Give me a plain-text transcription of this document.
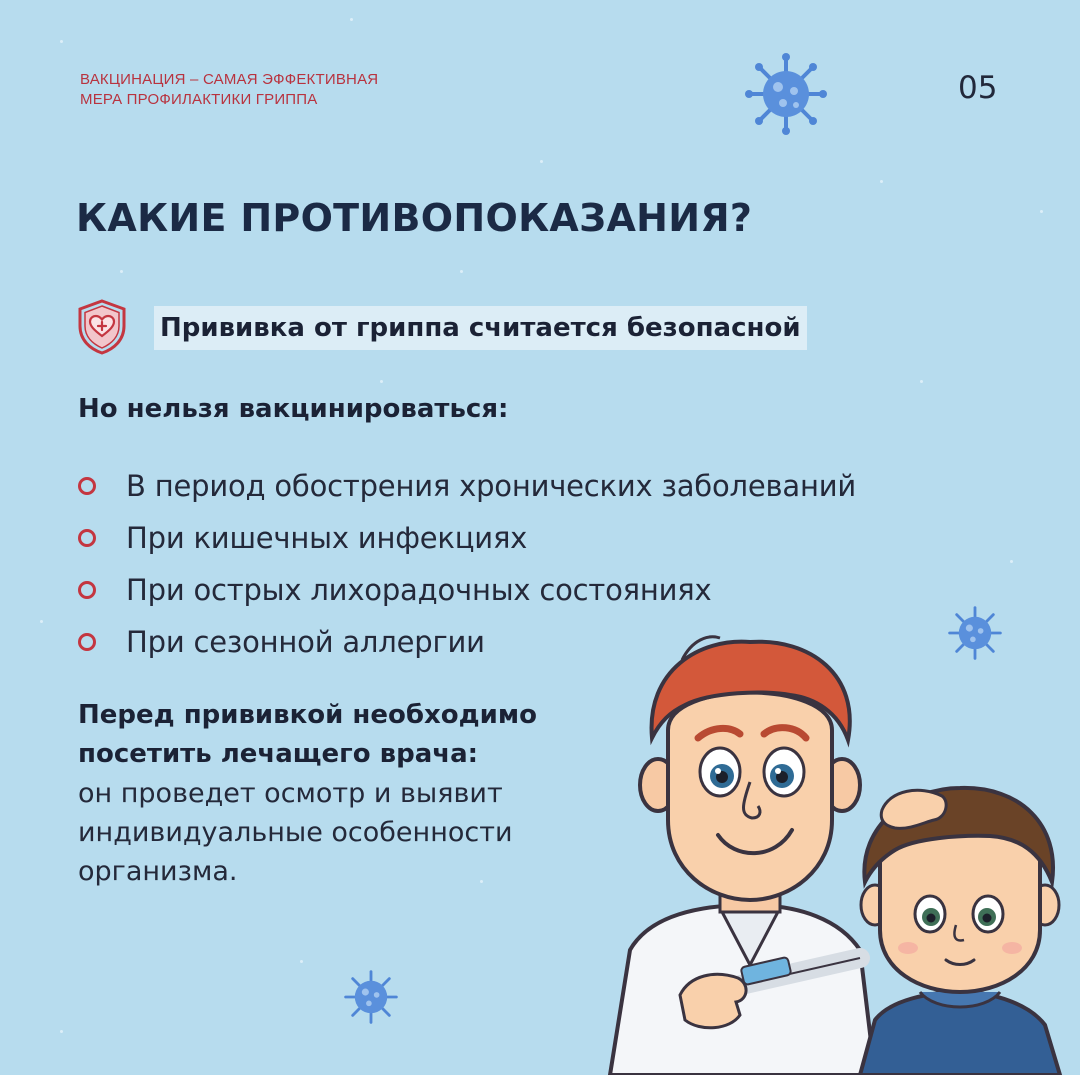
ВАКЦИНАЦИЯ – САМАЯ ЭФФЕКТИВНАЯ
МЕРА ПРОФИЛАКТИКИ ГРИППА	05
КАКИЕ ПРОТИВОПОКАЗАНИЯ?
Прививка от гриппа считается безопасной
Но нельзя вакцинироваться:
В период обострения хронических заболеваний
При кишечных инфекциях
При острых лихорадочных состояниях
При сезонной аллергии
Перед прививкой необходимо
посетить лечащего врача:
он проведет осмотр и выявит
индивидуальные особенности
организма.
